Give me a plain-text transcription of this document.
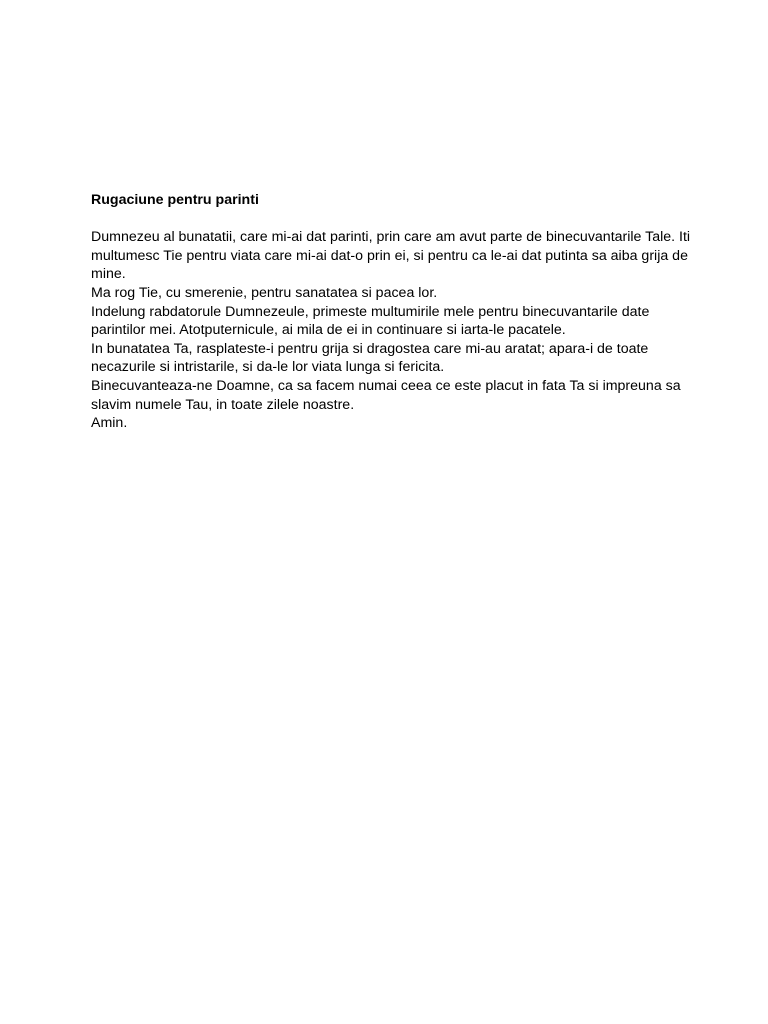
Rugaciune pentru parinti

Dumnezeu al bunatatii, care mi-ai dat parinti, prin care am avut parte de binecuvantarile Tale. Iti

multumesc Tie pentru viata care mi-ai dat-o prin ei, si pentru ca le-ai dat putinta sa aiba grija de

mine.

Ma rog Tie, cu smerenie, pentru sanatatea si pacea lor.

Indelung rabdatorule Dumnezeule, primeste multumirile mele pentru binecuvantarile date

parintilor mei. Atotputernicule, ai mila de ei in continuare si iarta-le pacatele.

In bunatatea Ta, rasplateste-i pentru grija si dragostea care mi-au aratat; apara-i de toate

necazurile si intristarile, si da-le lor viata lunga si fericita.

Binecuvanteaza-ne Doamne, ca sa facem numai ceea ce este placut in fata Ta si impreuna sa

slavim numele Tau, in toate zilele noastre.

Amin.
